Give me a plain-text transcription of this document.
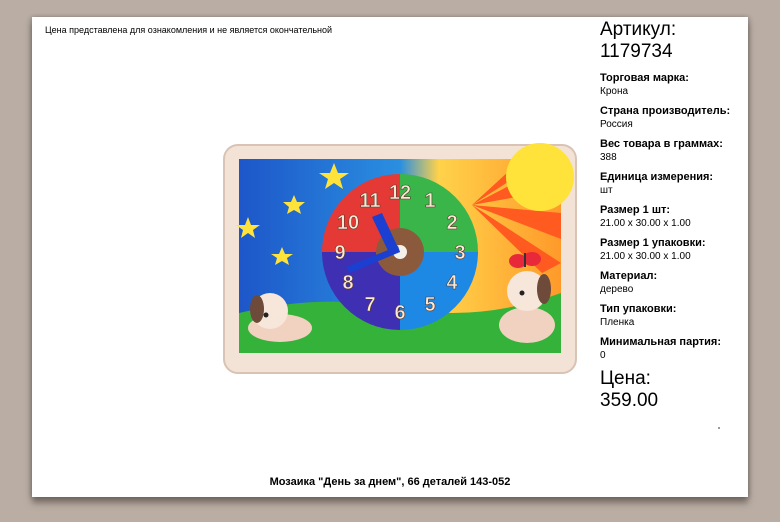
Цена представлена для ознакомления и не является окончательной
12 1
2
3
4
5
6
7
8
9
10
11
Артикул:
1179734
Торговая марка:
Крона
Страна производитель:
Россия
Вес товара в граммах:
388
Единица измерения:
шт
Размер 1 шт:
21.00 x 30.00 x 1.00
Размер 1 упаковки:
21.00 x 30.00 x 1.00
Материал:
дерево
Тип упаковки:
Пленка
Минимальная партия:
0
Цена:
359.00
Мозаика "День за днем", 66 деталей 143-052
